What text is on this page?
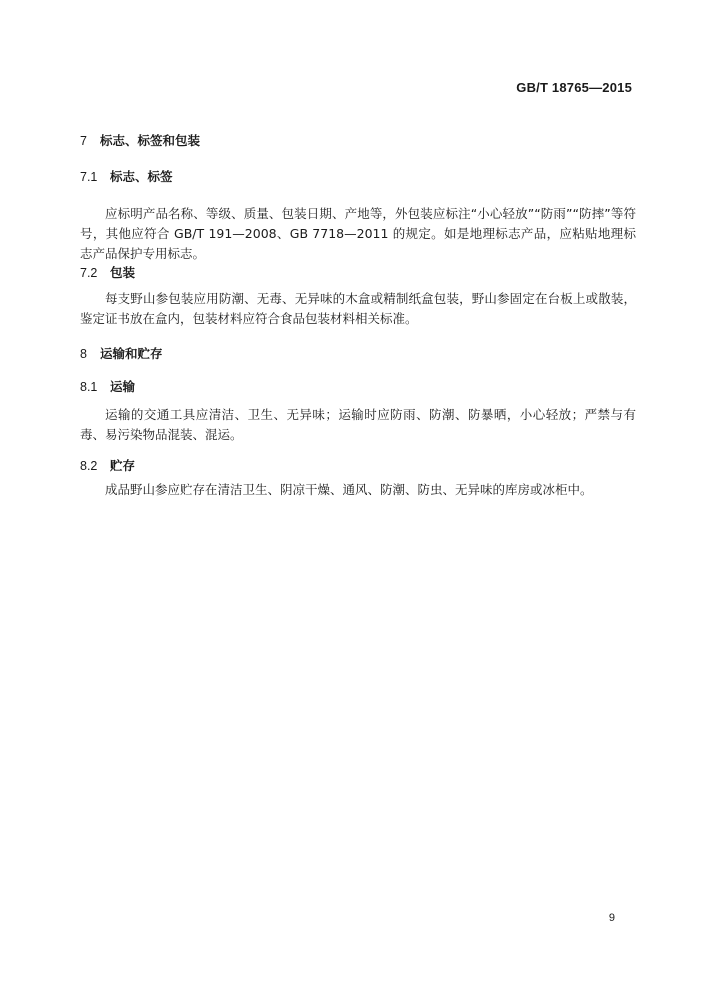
GB/T 18765—2015
7 标志、标签和包装
7.1 标志、标签

应标明产品名称、等级、质量、包装日期、产地等，外包装应标注“小心轻放”“防雨”“防摔”等符号，其他应符合 GB/T 191—2008、GB 7718—2011 的规定。如是地理标志产品，应粘贴地理标志产品保护专用标志。

7.2 包装

每支野山参包装应用防潮、无毒、无异味的木盒或精制纸盒包装，野山参固定在台板上或散装，鉴定证书放在盒内，包装材料应符合食品包装材料相关标准。

8 运输和贮存
8.1 运输

运输的交通工具应清洁、卫生、无异味；运输时应防雨、防潮、防暴晒，小心轻放；严禁与有毒、易污染物品混装、混运。

8.2 贮存

成品野山参应贮存在清洁卫生、阴凉干燥、通风、防潮、防虫、无异味的库房或冰柜中。

9
